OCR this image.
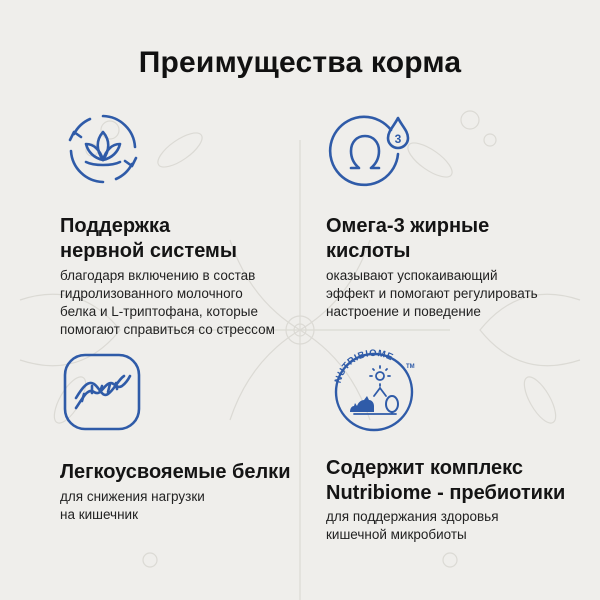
Преимущества корма
Поддержка
нервной системы
благодаря включению в состав
гидролизованного молочного
белка и L-триптофана, которые
помогают справиться со стрессом
3
Омега-3 жирные
кислоты
оказывают успокаивающий
эффект и помогают регулировать
настроение и поведение
Легкоусвояемые белки
для снижения нагрузки
на кишечник
NUTRIBIOME
TM
Содержит комплекс
Nutribiome - пребиотики
для поддержания здоровья
кишечной микробиоты
